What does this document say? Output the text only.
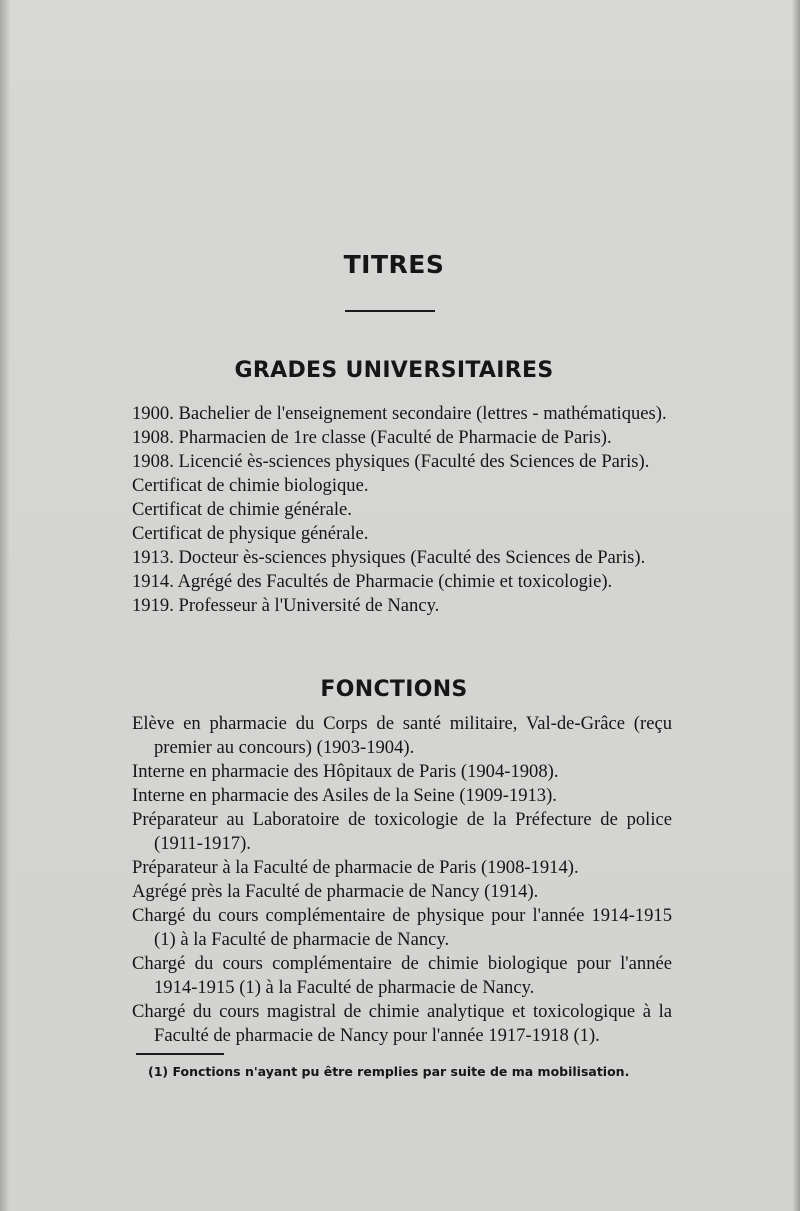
TITRES
GRADES UNIVERSITAIRES
1900. Bachelier de l'enseignement secondaire (lettres - mathématiques).
1908. Pharmacien de 1re classe (Faculté de Pharmacie de Paris).
1908. Licencié ès-sciences physiques (Faculté des Sciences de Paris).
Certificat de chimie biologique.
Certificat de chimie générale.
Certificat de physique générale.
1913. Docteur ès-sciences physiques (Faculté des Sciences de Paris).
1914. Agrégé des Facultés de Pharmacie (chimie et toxicologie).
1919. Professeur à l'Université de Nancy.
FONCTIONS
Elève en pharmacie du Corps de santé militaire, Val-de-Grâce (reçu premier au concours) (1903-1904).
Interne en pharmacie des Hôpitaux de Paris (1904-1908).
Interne en pharmacie des Asiles de la Seine (1909-1913).
Préparateur au Laboratoire de toxicologie de la Préfecture de police (1911-1917).
Préparateur à la Faculté de pharmacie de Paris (1908-1914).
Agrégé près la Faculté de pharmacie de Nancy (1914).
Chargé du cours complémentaire de physique pour l'année 1914-1915 (1) à la Faculté de pharmacie de Nancy.
Chargé du cours complémentaire de chimie biologique pour l'année 1914-1915 (1) à la Faculté de pharmacie de Nancy.
Chargé du cours magistral de chimie analytique et toxicologique à la Faculté de pharmacie de Nancy pour l'année 1917-1918 (1).

(1) Fonctions n'ayant pu être remplies par suite de ma mobilisation.
